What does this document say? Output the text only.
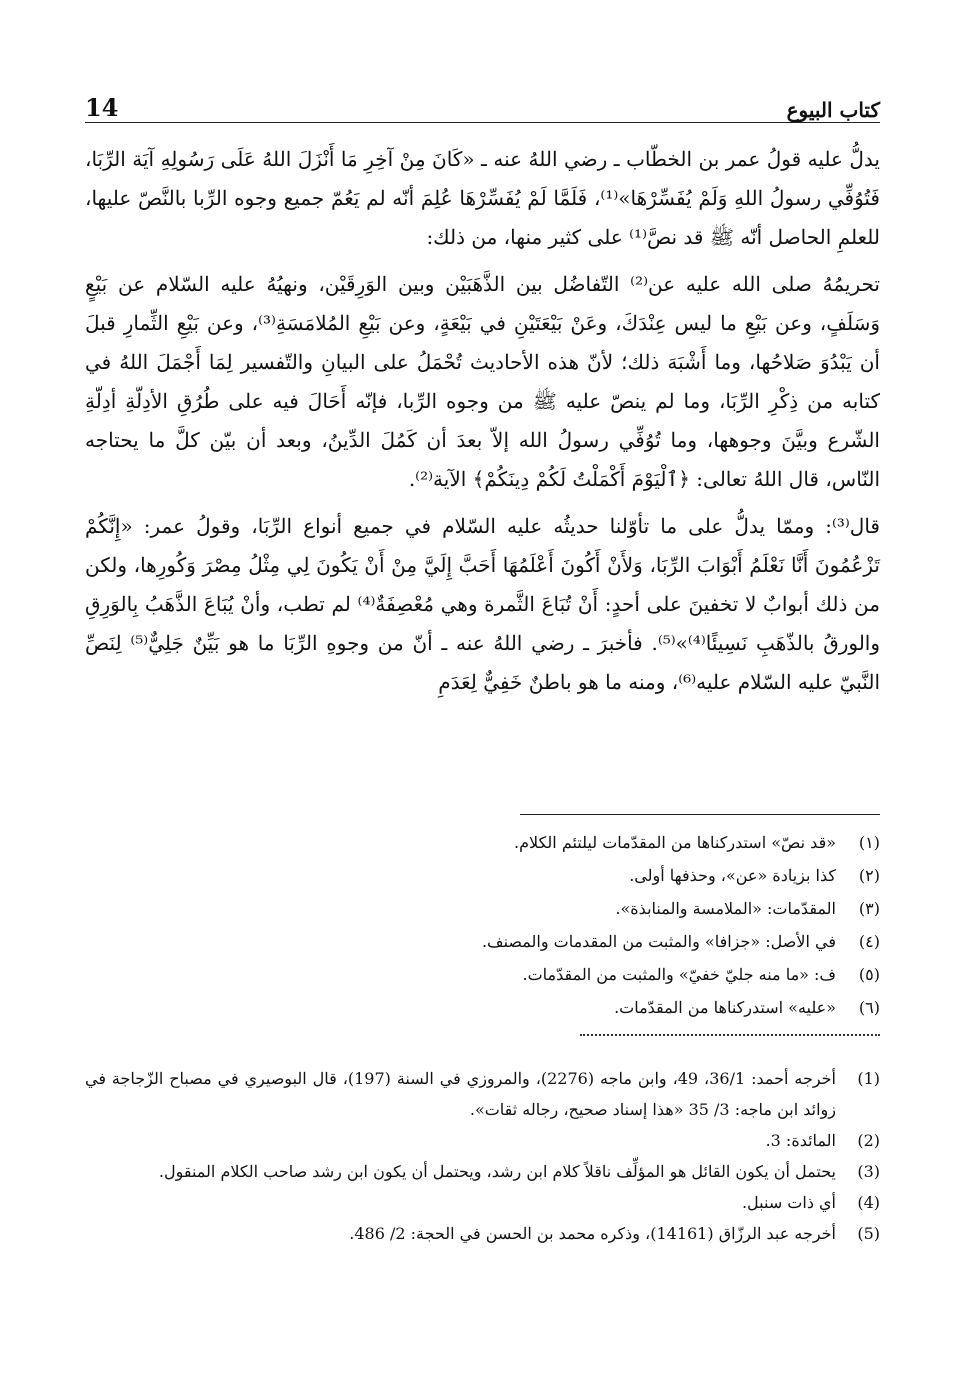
14	كتاب البيوع

يدلُّ عليه قولُ عمر بن الخطّاب ـ رضي اللهُ عنه ـ «كَانَ مِنْ آخِرِ مَا أَنْزَلَ اللهُ عَلَى رَسُولِهِ آيَة الرِّبَا، فَتُوُفِّي رسولُ اللهِ وَلَمْ يُفَسِّرْهَا»⁽¹⁾، فَلَمَّا لَمْ يُفَسِّرْهَا عُلِمَ أنّه لم يَعُمّ جميع وجوه الرِّبا بالنَّصّ عليها، للعلمِ الحاصل أنّه ﷺ قد نصَّ⁽¹⁾ على كثير منها، من ذلك:

تحريمُهُ صلى الله عليه عن⁽²⁾ التّفاضُل بين الذَّهَبَيْن وبين الوَرِقَيْن، ونهيُهُ عليه السّلام عن بَيْعٍ وَسَلَفٍ، وعن بَيْعِ ما ليس عِنْدَكَ، وعَنْ بَيْعَتَيْنِ في بَيْعَةٍ، وعن بَيْعِ المُلامَسَةِ⁽³⁾، وعن بَيْعِ الثِّمارِ قبلَ أن يَبْدُوَ صَلاحُها، وما أَشْبَهَ ذلك؛ لأنّ هذه الأحاديث تُحْمَلُ على البيانِ والتّفسير لِمَا أَجْمَلَ اللهُ في كتابه من ذِكْرِ الرِّبَا، وما لم ينصّ عليه ﷺ من وجوه الرِّبا، فإنّه أَحَالَ فيه على طُرُقِ الأدِلّةِ أدِلّةِ الشّرع وبيَّنَ وجوهها، وما تُوُفِّي رسولُ الله إلاّ بعدَ أن كَمُلَ الدِّينُ، وبعد أن بيّن كلَّ ما يحتاجه النّاس، قال اللهُ تعالى: ﴿ٱلْيَوْمَ أَكْمَلْتُ لَكُمْ دِينَكُمْ﴾ الآية⁽²⁾.

قال⁽³⁾: وممّا يدلُّ على ما تأوّلنا حديثُه عليه السّلام في جميع أنواع الرِّبَا، وقولُ عمر: «إِنَّكُمْ تَزْعُمُونَ أَنَّا نَعْلَمُ أَبْوَابَ الرِّبَا، وَلأَنْ أَكُونَ أَعْلَمُهَا أَحَبَّ إِلَيَّ مِنْ أَنْ يَكُونَ لِي مِثْلُ مِصْرَ وَكُورِها، ولكن من ذلك أبوابٌ لا تخفينَ على أحدٍ: أَنْ تُبَاعَ الثَّمرة وهي مُعْصِفَةٌ⁽⁴⁾ لم تطب، وأنْ يُبَاعَ الذَّهَبُ بِالوَرِقِ والورقُ بالذّهَبِ نَسِيئًا⁽⁴⁾»⁽⁵⁾. فأخبرَ ـ رضي اللهُ عنه ـ أنّ من وجوهِ الرِّبَا ما هو بَيِّنٌ جَلِيٌّ⁽⁵⁾ لِنَصِّ النَّبيّ عليه السّلام عليه⁽⁶⁾، ومنه ما هو باطنٌ خَفِيٌّ لِعَدَمِ

(١)
«قد نصّ» استدركناها من المقدّمات ليلتئم الكلام.
(٢)
كذا بزيادة «عن»، وحذفها أولى.
(٣)
المقدّمات: «الملامسة والمنابذة».
(٤)
في الأصل: «جزافا» والمثبت من المقدمات والمصنف.
(٥)
ف: «ما منه جليّ خفيّ» والمثبت من المقدّمات.
(٦)
«عليه» استدركناها من المقدّمات.
(1)
أخرجه أحمد: 36/1، 49، وابن ماجه (2276)، والمروزي في السنة (197)، قال البوصيري في مصباح الزّجاجة في زوائد ابن ماجه: 3/ 35 «هذا إسناد صحيح، رجاله ثقات».
(2)
المائدة: 3.
(3)
يحتمل أن يكون القائل هو المؤلِّف ناقلاً كلام ابن رشد، ويحتمل أن يكون ابن رشد صاحب الكلام المنقول.
(4)
أي ذات سنبل.
(5)
أخرجه عبد الرزّاق (14161)، وذكره محمد بن الحسن في الحجة: 2/ 486.
